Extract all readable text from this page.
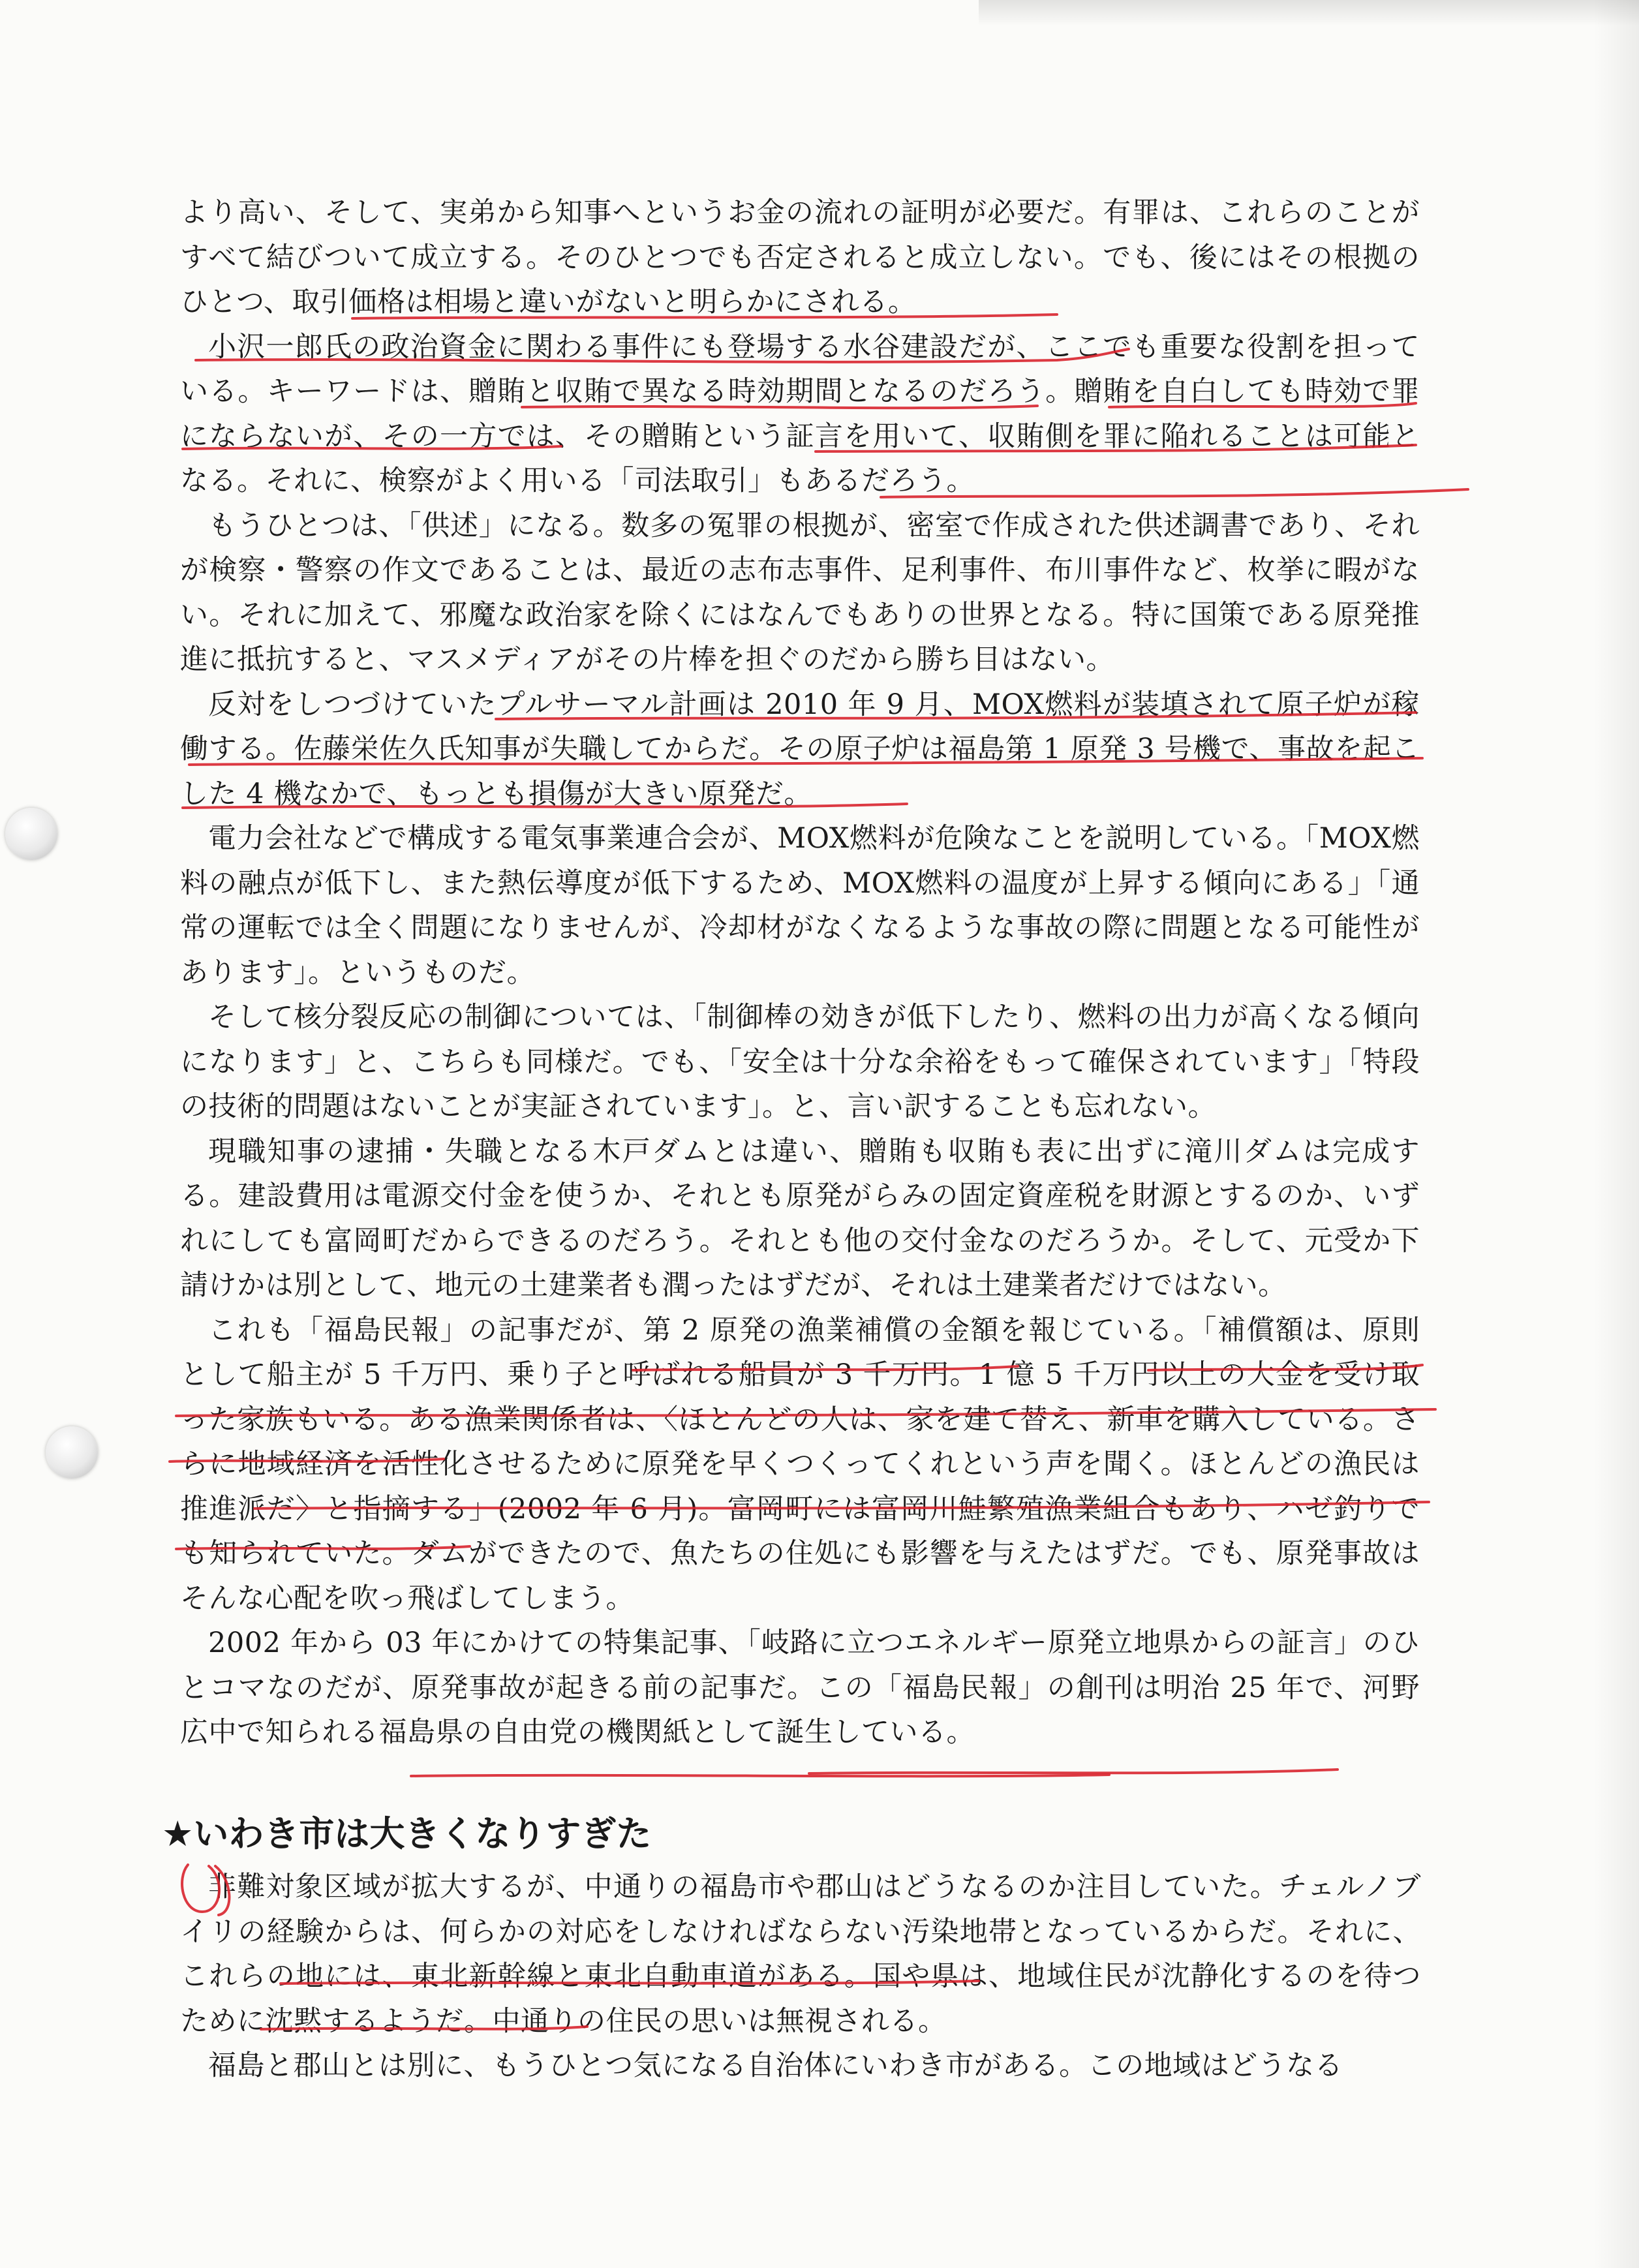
より高い、そして、実弟から知事へというお金の流れの証明が必要だ。有罪は、これらのことがすべて結びついて成立する。そのひとつでも否定されると成立しない。でも、後にはその根拠のひとつ、取引価格は相場と違いがないと明らかにされる。

小沢一郎氏の政治資金に関わる事件にも登場する水谷建設だが、ここでも重要な役割を担っている。キーワードは、贈賄と収賄で異なる時効期間となるのだろう。贈賄を自白しても時効で罪にならないが、その一方では、その贈賄という証言を用いて、収賄側を罪に陥れることは可能となる。それに、検察がよく用いる「司法取引」もあるだろう。

もうひとつは、「供述」になる。数多の冤罪の根拠が、密室で作成された供述調書であり、それが検察・警察の作文であることは、最近の志布志事件、足利事件、布川事件など、枚挙に暇がない。それに加えて、邪魔な政治家を除くにはなんでもありの世界となる。特に国策である原発推進に抵抗すると、マスメディアがその片棒を担ぐのだから勝ち目はない。

反対をしつづけていたプルサーマル計画は 2010 年 9 月、MOX燃料が装填されて原子炉が稼働する。佐藤栄佐久氏知事が失職してからだ。その原子炉は福島第 1 原発 3 号機で、事故を起こした 4 機なかで、もっとも損傷が大きい原発だ。

電力会社などで構成する電気事業連合会が、MOX燃料が危険なことを説明している。「MOX燃料の融点が低下し、また熱伝導度が低下するため、MOX燃料の温度が上昇する傾向にある」「通常の運転では全く問題になりませんが、冷却材がなくなるような事故の際に問題となる可能性があります」。というものだ。

そして核分裂反応の制御については、「制御棒の効きが低下したり、燃料の出力が高くなる傾向になります」と、こちらも同様だ。でも、「安全は十分な余裕をもって確保されています」「特段の技術的問題はないことが実証されています」。と、言い訳することも忘れない。

現職知事の逮捕・失職となる木戸ダムとは違い、贈賄も収賄も表に出ずに滝川ダムは完成する。建設費用は電源交付金を使うか、それとも原発がらみの固定資産税を財源とするのか、いずれにしても富岡町だからできるのだろう。それとも他の交付金なのだろうか。そして、元受か下請けかは別として、地元の土建業者も潤ったはずだが、それは土建業者だけではない。

これも「福島民報」の記事だが、第 2 原発の漁業補償の金額を報じている。「補償額は、原則として船主が 5 千万円、乗り子と呼ばれる船員が 3 千万円。1 億 5 千万円以上の大金を受け取った家族もいる。ある漁業関係者は、〈ほとんどの人は、家を建て替え、新車を購入している。さらに地域経済を活性化させるために原発を早くつくってくれという声を聞く。ほとんどの漁民は推進派だ〉と指摘する」(2002 年 6 月)。富岡町には富岡川鮭繁殖漁業組合もあり、ハゼ釣りでも知られていた。ダムができたので、魚たちの住処にも影響を与えたはずだ。でも、原発事故はそんな心配を吹っ飛ばしてしまう。

2002 年から 03 年にかけての特集記事、「岐路に立つエネルギー原発立地県からの証言」のひとコマなのだが、原発事故が起きる前の記事だ。この「福島民報」の創刊は明治 25 年で、河野広中で知られる福島県の自由党の機関紙として誕生している。

★いわき市は大きくなりすぎた

非難対象区域が拡大するが、中通りの福島市や郡山はどうなるのか注目していた。チェルノブイリの経験からは、何らかの対応をしなければならない汚染地帯となっているからだ。それに、これらの地には、東北新幹線と東北自動車道がある。国や県は、地域住民が沈静化するのを待つために沈黙するようだ。中通りの住民の思いは無視される。

福島と郡山とは別に、もうひとつ気になる自治体にいわき市がある。この地域はどうなる
